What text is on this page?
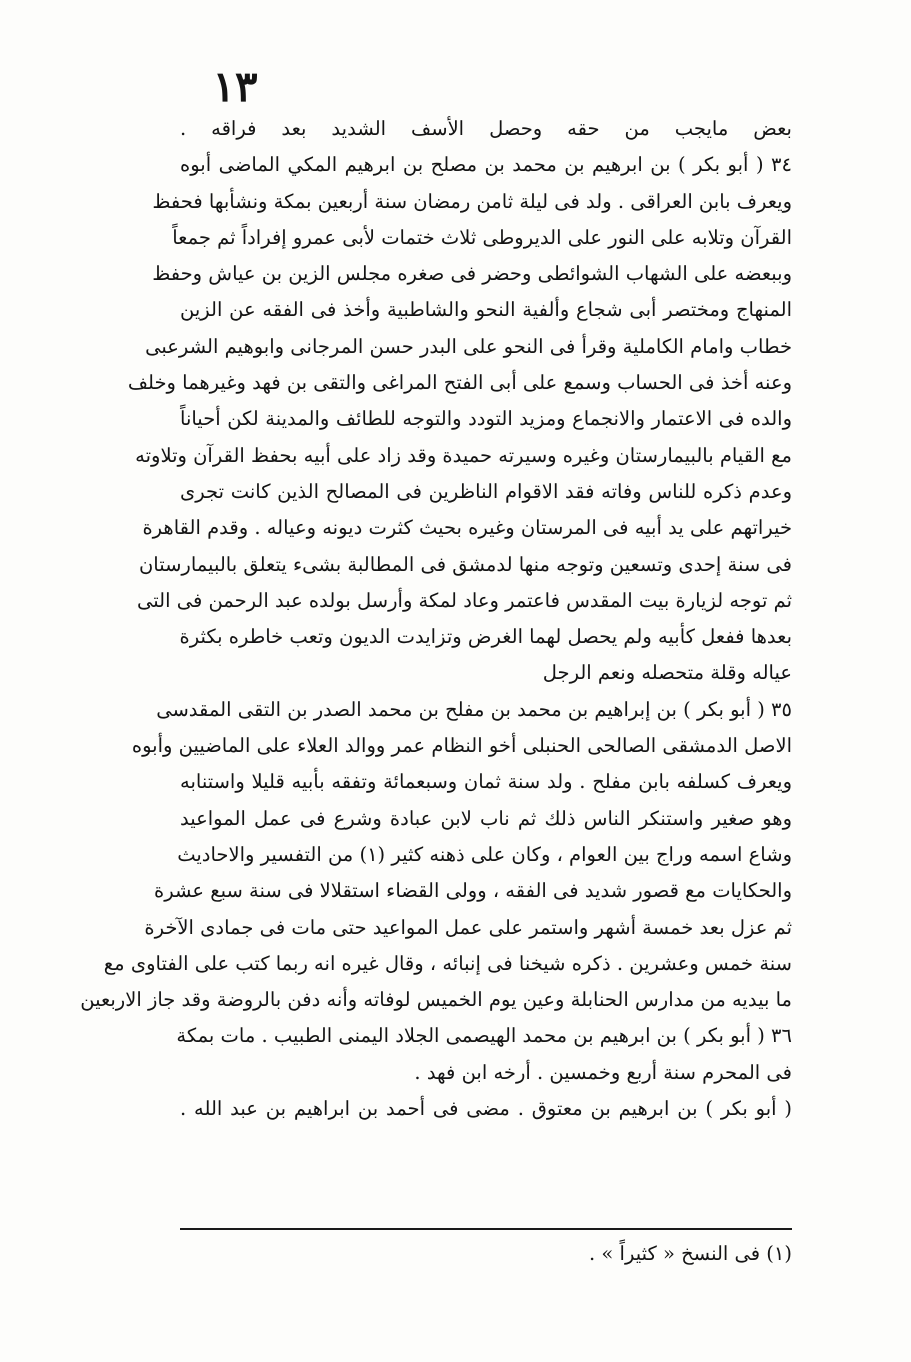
١٣
بعض مايجب من حقه وحصل الأسف الشديد بعد فراقه .
٣٤ ( أبو بكر ) بن ابرهيم بن محمد بن مصلح بن ابرهيم المكي الماضى أبوه
ويعرف بابن العراقى . ولد فى ليلة ثامن رمضان سنة أربعين بمكة ونشأبها فحفظ
القرآن وتلابه على النور على الديروطى ثلاث ختمات لأبى عمرو إفراداً ثم جمعاً
وببعضه على الشهاب الشوائطى وحضر فى صغره مجلس الزين بن عياش وحفظ
المنهاج ومختصر أبى شجاع وألفية النحو والشاطبية وأخذ فى الفقه عن الزين
خطاب وامام الكاملية وقرأ فى النحو على البدر حسن المرجانى وابوهيم الشرعبى
وعنه أخذ فى الحساب وسمع على أبى الفتح المراغى والتقى بن فهد وغيرهما وخلف
والده فى الاعتمار والانجماع ومزيد التودد والتوجه للطائف والمدينة لكن أحياناً
مع القيام بالبيمارستان وغيره وسيرته حميدة وقد زاد على أبيه بحفظ القرآن وتلاوته
وعدم ذكره للناس وفاته فقد الاقوام الناظرين فى المصالح الذين كانت تجرى
خيراتهم على يد أبيه فى المرستان وغيره بحيث كثرت ديونه وعياله . وقدم القاهرة
فى سنة إحدى وتسعين وتوجه منها لدمشق فى المطالبة بشىء يتعلق بالبيمارستان
ثم توجه لزيارة بيت المقدس فاعتمر وعاد لمكة وأرسل بولده عبد الرحمن فى التى
بعدها ففعل كأبيه ولم يحصل لهما الغرض وتزايدت الديون وتعب خاطره بكثرة
عياله وقلة متحصله ونعم الرجل
٣٥ ( أبو بكر ) بن إبراهيم بن محمد بن مفلح بن محمد الصدر بن التقى المقدسى
الاصل الدمشقى الصالحى الحنبلى أخو النظام عمر ووالد العلاء على الماضيين وأبوه
ويعرف كسلفه بابن مفلح . ولد سنة ثمان وسبعمائة وتفقه بأبيه قليلا واستنابه
وهو صغير واستنكر الناس ذلك ثم ناب لابن عبادة وشرع فى عمل المواعيد
وشاع اسمه وراج بين العوام ، وكان على ذهنه كثير (١) من التفسير والاحاديث
والحكايات مع قصور شديد فى الفقه ، وولى القضاء استقلالا فى سنة سبع عشرة
ثم عزل بعد خمسة أشهر واستمر على عمل المواعيد حتى مات فى جمادى الآخرة
سنة خمس وعشرين . ذكره شيخنا فى إنبائه ، وقال غيره انه ربما كتب على الفتاوى مع
ما بيديه من مدارس الحنابلة وعين يوم الخميس لوفاته وأنه دفن بالروضة وقد جاز الاربعين
٣٦ ( أبو بكر ) بن ابرهيم بن محمد الهيصمى الجلاد اليمنى الطبيب . مات بمكة
فى المحرم سنة أربع وخمسين . أرخه ابن فهد .
( أبو بكر ) بن ابرهيم بن معتوق . مضى فى أحمد بن ابراهيم بن عبد الله .
(١) فى النسخ « كثيراً » .
